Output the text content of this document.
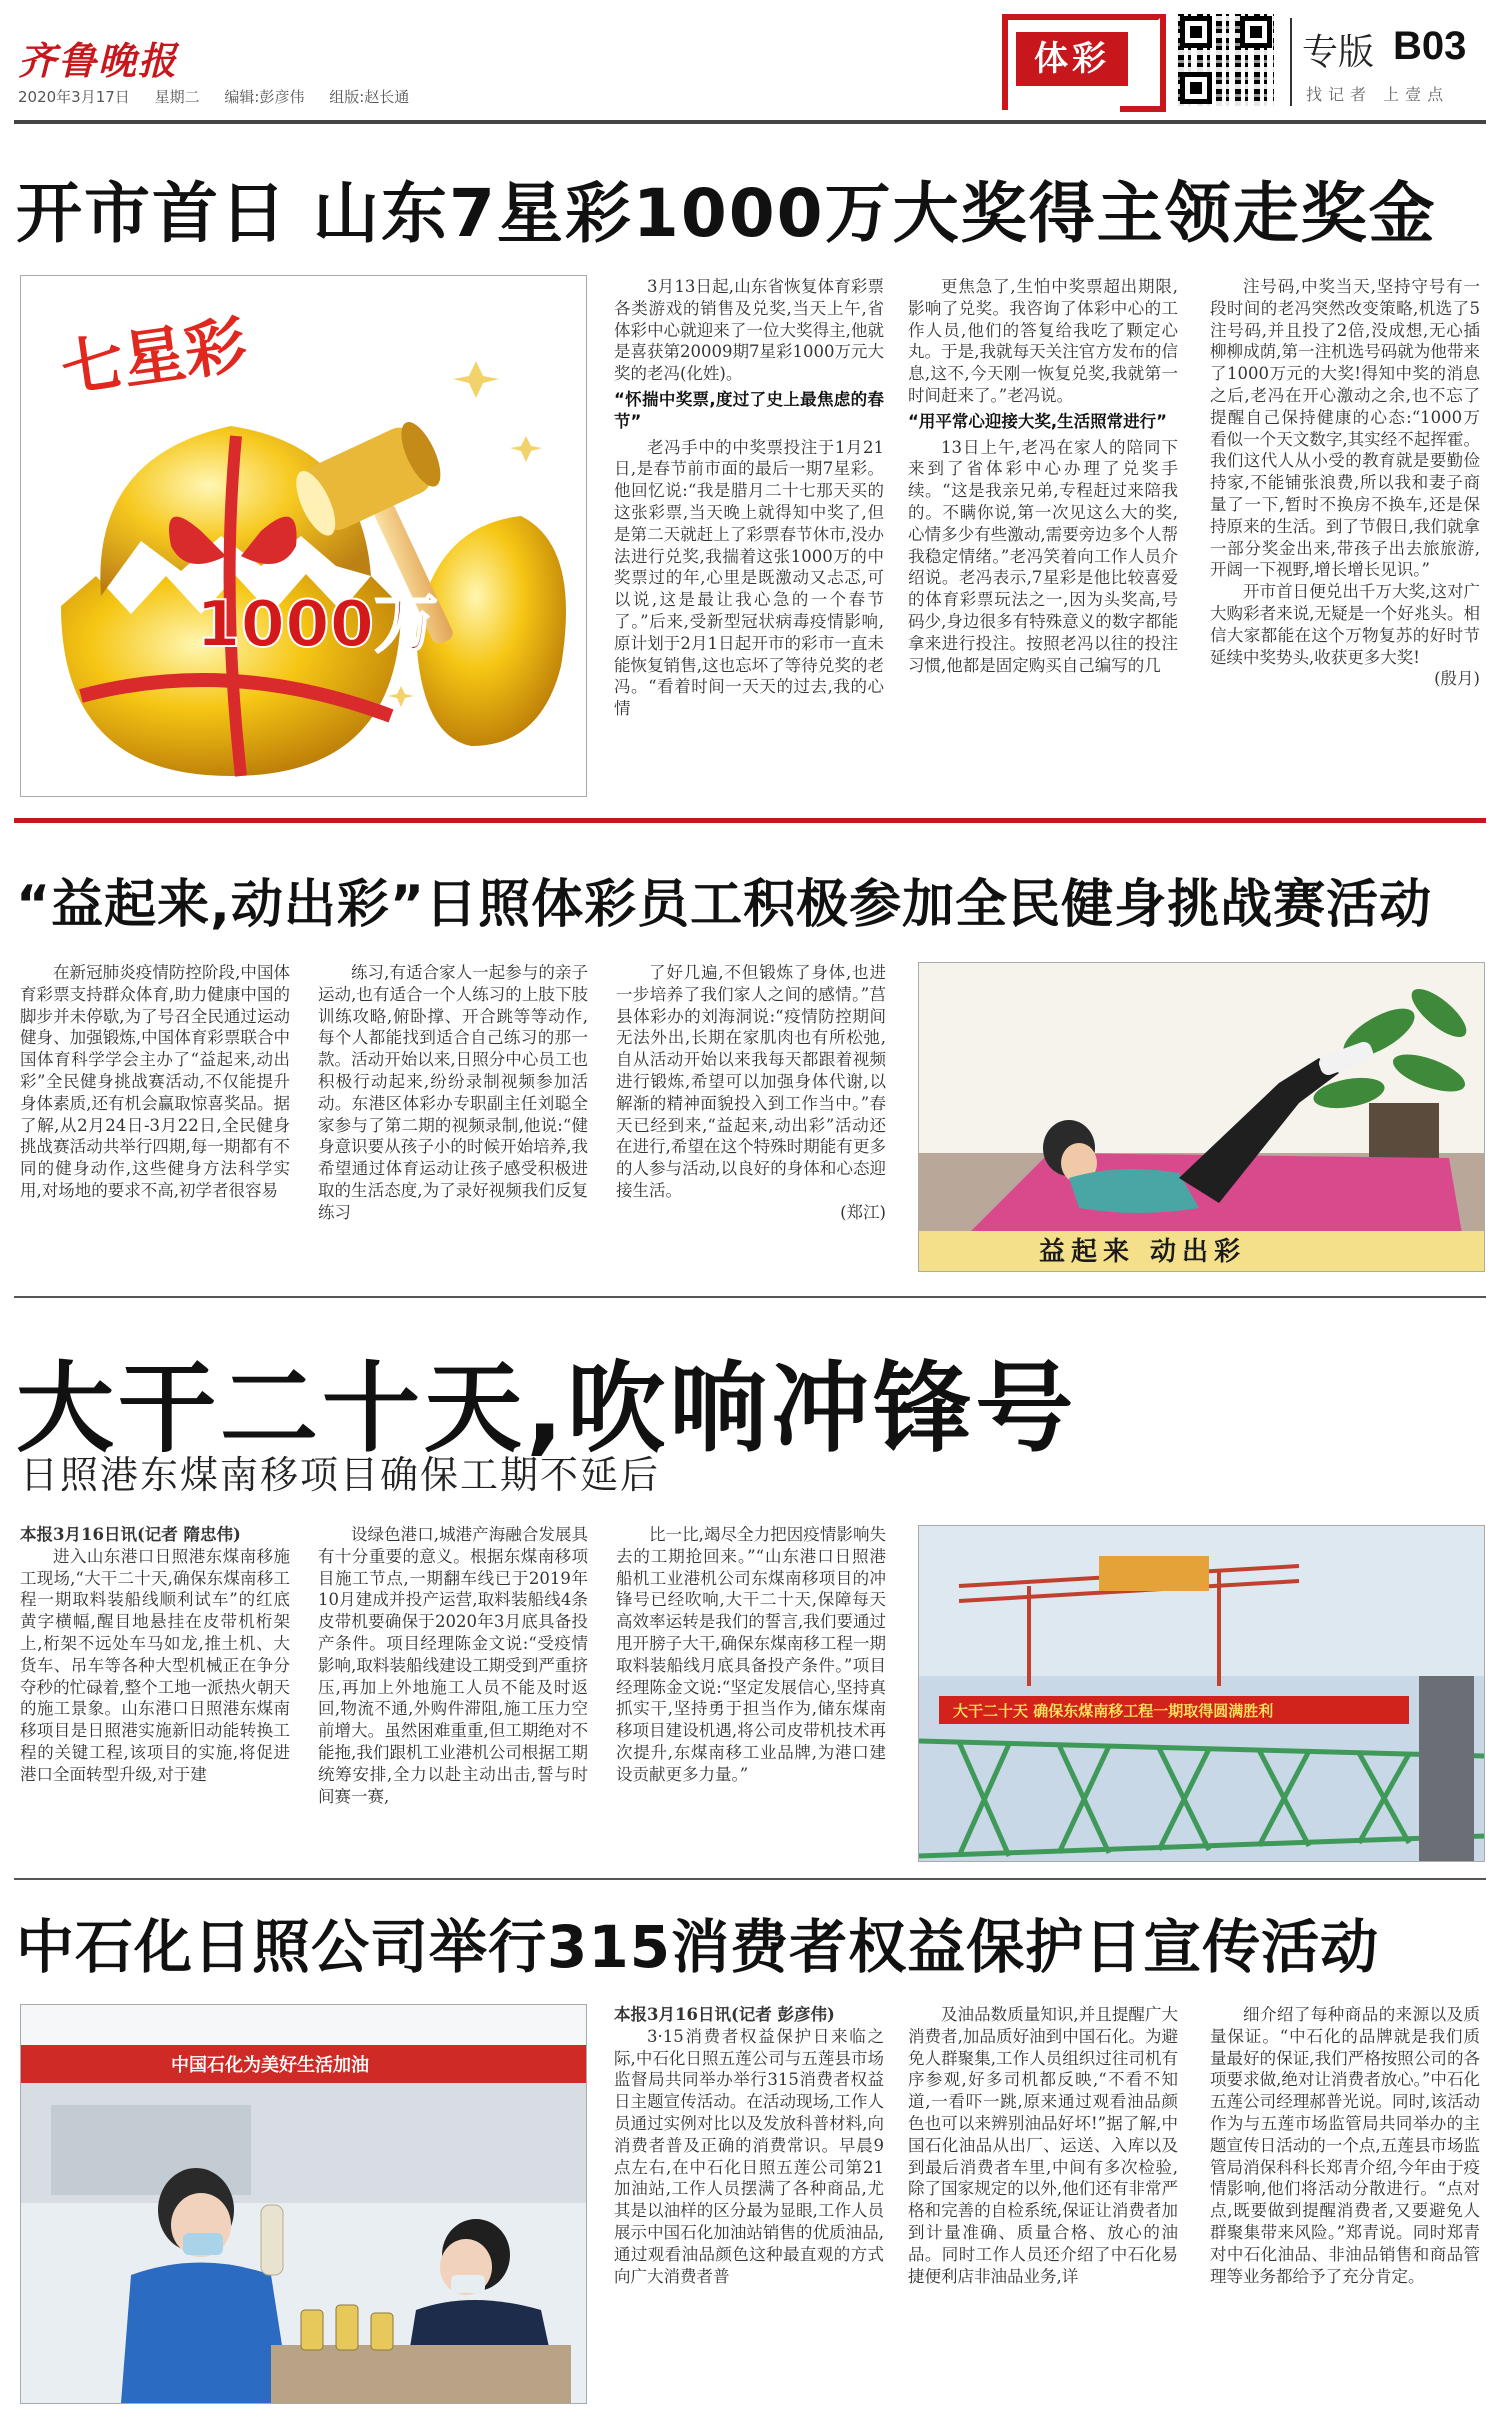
齐鲁晚报
2020年3月17日 星期二 编辑:彭彦伟 组版:赵长通
体彩	专版 B03
找记者 上壹点
开市首日 山东7星彩1000万大奖得主领走奖金
七星彩
1000万

3月13日起,山东省恢复体育彩票各类游戏的销售及兑奖,当天上午,省体彩中心就迎来了一位大奖得主,他就是喜获第20009期7星彩1000万元大奖的老冯(化姓)。

“怀揣中奖票,度过了史上最焦虑的春节”

老冯手中的中奖票投注于1月21日,是春节前市面的最后一期7星彩。他回忆说:“我是腊月二十七那天买的这张彩票,当天晚上就得知中奖了,但是第二天就赶上了彩票春节休市,没办法进行兑奖,我揣着这张1000万的中奖票过的年,心里是既激动又忐忑,可以说,这是最让我心急的一个春节了。”后来,受新型冠状病毒疫情影响,原计划于2月1日起开市的彩市一直未能恢复销售,这也忘坏了等待兑奖的老冯。“看着时间一天天的过去,我的心情

更焦急了,生怕中奖票超出期限,影响了兑奖。我咨询了体彩中心的工作人员,他们的答复给我吃了颗定心丸。于是,我就每天关注官方发布的信息,这不,今天刚一恢复兑奖,我就第一时间赶来了。”老冯说。

“用平常心迎接大奖,生活照常进行”

13日上午,老冯在家人的陪同下来到了省体彩中心办理了兑奖手续。“这是我亲兄弟,专程赶过来陪我的。不瞒你说,第一次见这么大的奖,心情多少有些激动,需要旁边多个人帮我稳定情绪。”老冯笑着向工作人员介绍说。老冯表示,7星彩是他比较喜爱的体育彩票玩法之一,因为头奖高,号码少,身边很多有特殊意义的数字都能拿来进行投注。按照老冯以往的投注习惯,他都是固定购买自己编写的几

注号码,中奖当天,坚持守号有一段时间的老冯突然改变策略,机选了5注号码,并且投了2倍,没成想,无心插柳柳成荫,第一注机选号码就为他带来了1000万元的大奖!得知中奖的消息之后,老冯在开心激动之余,也不忘了提醒自己保持健康的心态:“1000万看似一个天文数字,其实经不起挥霍。我们这代人从小受的教育就是要勤俭持家,不能铺张浪费,所以我和妻子商量了一下,暂时不换房不换车,还是保持原来的生活。到了节假日,我们就拿一部分奖金出来,带孩子出去旅旅游,开阔一下视野,增长增长见识。”

开市首日便兑出千万大奖,这对广大购彩者来说,无疑是一个好兆头。相信大家都能在这个万物复苏的好时节延续中奖势头,收获更多大奖!

(殷月)
“益起来,动出彩”日照体彩员工积极参加全民健身挑战赛活动

在新冠肺炎疫情防控阶段,中国体育彩票支持群众体育,助力健康中国的脚步并未停歇,为了号召全民通过运动健身、加强锻炼,中国体育彩票联合中国体育科学学会主办了“益起来,动出彩”全民健身挑战赛活动,不仅能提升身体素质,还有机会赢取惊喜奖品。据了解,从2月24日-3月22日,全民健身挑战赛活动共举行四期,每一期都有不同的健身动作,这些健身方法科学实用,对场地的要求不高,初学者很容易

练习,有适合家人一起参与的亲子运动,也有适合一个人练习的上肢下肢训练攻略,俯卧撑、开合跳等等动作,每个人都能找到适合自己练习的那一款。活动开始以来,日照分中心员工也积极行动起来,纷纷录制视频参加活动。东港区体彩办专职副主任刘聪全家参与了第二期的视频录制,他说:“健身意识要从孩子小的时候开始培养,我希望通过体育运动让孩子感受积极进取的生活态度,为了录好视频我们反复练习

了好几遍,不但锻炼了身体,也进一步培养了我们家人之间的感情。”莒县体彩办的刘海洞说:“疫情防控期间无法外出,长期在家肌肉也有所松弛,自从活动开始以来我每天都跟着视频进行锻炼,希望可以加强身体代谢,以解渐的精神面貌投入到工作当中。”春天已经到来,“益起来,动出彩”活动还在进行,希望在这个特殊时期能有更多的人参与活动,以良好的身体和心态迎接生活。

(郑江)
益起来 动出彩
大干二十天,吹响冲锋号
日照港东煤南移项目确保工期不延后

本报3月16日讯(记者 隋忠伟)

进入山东港口日照港东煤南移施工现场,“大干二十天,确保东煤南移工程一期取料装船线顺利试车”的红底黄字横幅,醒目地悬挂在皮带机桁架上,桁架不远处车马如龙,推土机、大货车、吊车等各种大型机械正在争分夺秒的忙碌着,整个工地一派热火朝天的施工景象。山东港口日照港东煤南移项目是日照港实施新旧动能转换工程的关键工程,该项目的实施,将促进港口全面转型升级,对于建

设绿色港口,城港产海融合发展具有十分重要的意义。根据东煤南移项目施工节点,一期翻车线已于2019年10月建成并投产运营,取料装船线4条皮带机要确保于2020年3月底具备投产条件。项目经理陈金文说:“受疫情影响,取料装船线建设工期受到严重挤压,再加上外地施工人员不能及时返回,物流不通,外购件滞阻,施工压力空前增大。虽然困难重重,但工期绝对不能拖,我们跟机工业港机公司根据工期统筹安排,全力以赴主动出击,誓与时间赛一赛,

比一比,竭尽全力把因疫情影响失去的工期抢回来。”“山东港口日照港船机工业港机公司东煤南移项目的冲锋号已经吹响,大干二十天,保障每天高效率运转是我们的誓言,我们要通过甩开膀子大干,确保东煤南移工程一期取料装船线月底具备投产条件。”项目经理陈金文说:“坚定发展信心,坚持真抓实干,坚持勇于担当作为,储东煤南移项目建设机遇,将公司皮带机技术再次提升,东煤南移工业品牌,为港口建设贡献更多力量。”

大干二十天 确保东煤南移工程一期取得圆满胜利
中石化日照公司举行315消费者权益保护日宣传活动
中国石化为美好生活加油

本报3月16日讯(记者 彭彦伟)

3·15消费者权益保护日来临之际,中石化日照五莲公司与五莲县市场监督局共同举办举行315消费者权益日主题宣传活动。在活动现场,工作人员通过实例对比以及发放科普材料,向消费者普及正确的消费常识。早晨9点左右,在中石化日照五莲公司第21加油站,工作人员摆满了各种商品,尤其是以油样的区分最为显眼,工作人员展示中国石化加油站销售的优质油品,通过观看油品颜色这种最直观的方式向广大消费者普

及油品数质量知识,并且提醒广大消费者,加品质好油到中国石化。为避免人群聚集,工作人员组织过往司机有序参观,好多司机都反映,“不看不知道,一看吓一跳,原来通过观看油品颜色也可以来辨别油品好坏!”据了解,中国石化油品从出厂、运送、入库以及到最后消费者车里,中间有多次检验,除了国家规定的以外,他们还有非常严格和完善的自检系统,保证让消费者加到计量准确、质量合格、放心的油品。同时工作人员还介绍了中石化易捷便利店非油品业务,详

细介绍了每种商品的来源以及质量保证。“中石化的品牌就是我们质量最好的保证,我们严格按照公司的各项要求做,绝对让消费者放心。”中石化五莲公司经理郝普光说。同时,该活动作为与五莲市场监管局共同举办的主题宣传日活动的一个点,五莲县市场监管局消保科科长郑青介绍,今年由于疫情影响,他们将活动分散进行。“点对点,既要做到提醒消费者,又要避免人群聚集带来风险。”郑青说。同时郑青对中石化油品、非油品销售和商品管理等业务都给予了充分肯定。
